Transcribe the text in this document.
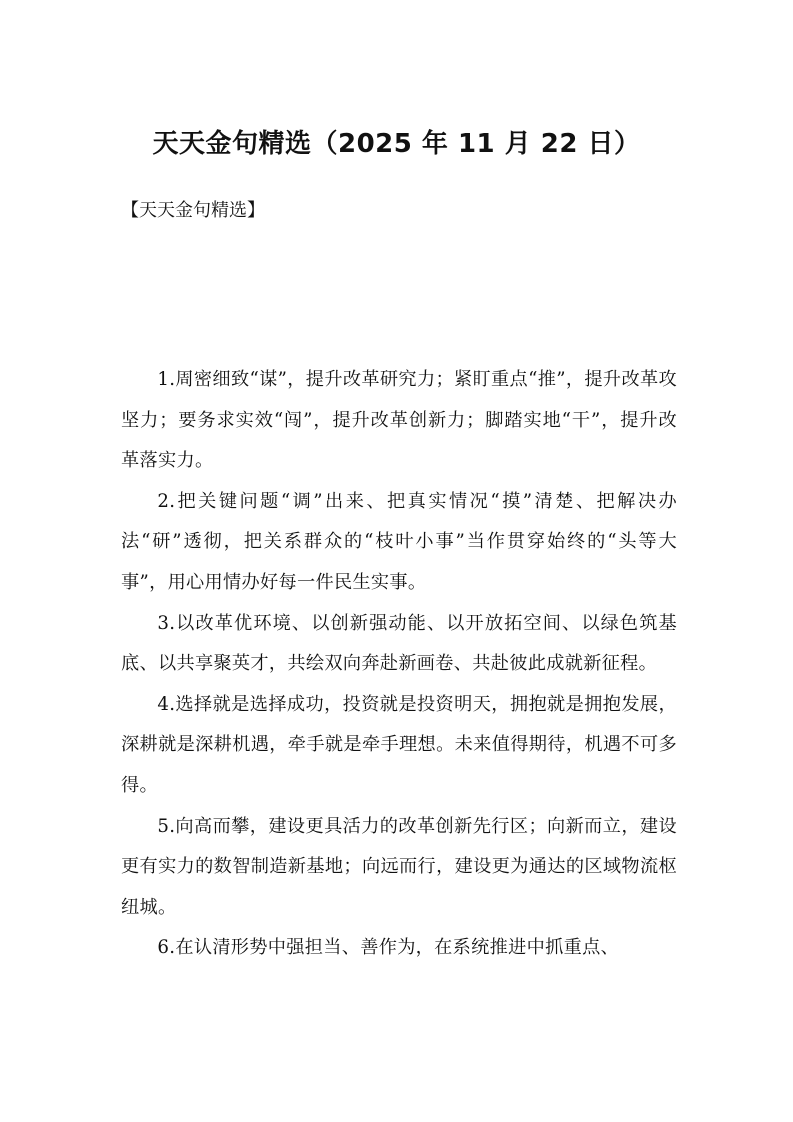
天天金句精选（2025 年 11 月 22 日）
【天天金句精选】

1.周密细致“谋”，提升改革研究力；紧盯重点“推”，提升改革攻坚力；要务求实效“闯”，提升改革创新力；脚踏实地“干”，提升改革落实力。

2.把关键问题“调”出来、把真实情况“摸”清楚、把解决办法“研”透彻，把关系群众的“枝叶小事”当作贯穿始终的“头等大事”，用心用情办好每一件民生实事。

3.以改革优环境、以创新强动能、以开放拓空间、以绿色筑基底、以共享聚英才，共绘双向奔赴新画卷、共赴彼此成就新征程。

4.选择就是选择成功，投资就是投资明天，拥抱就是拥抱发展，深耕就是深耕机遇，牵手就是牵手理想。未来值得期待，机遇不可多得。

5.向高而攀，建设更具活力的改革创新先行区；向新而立，建设更有实力的数智制造新基地；向远而行，建设更为通达的区域物流枢纽城。

6.在认清形势中强担当、善作为，在系统推进中抓重点、
